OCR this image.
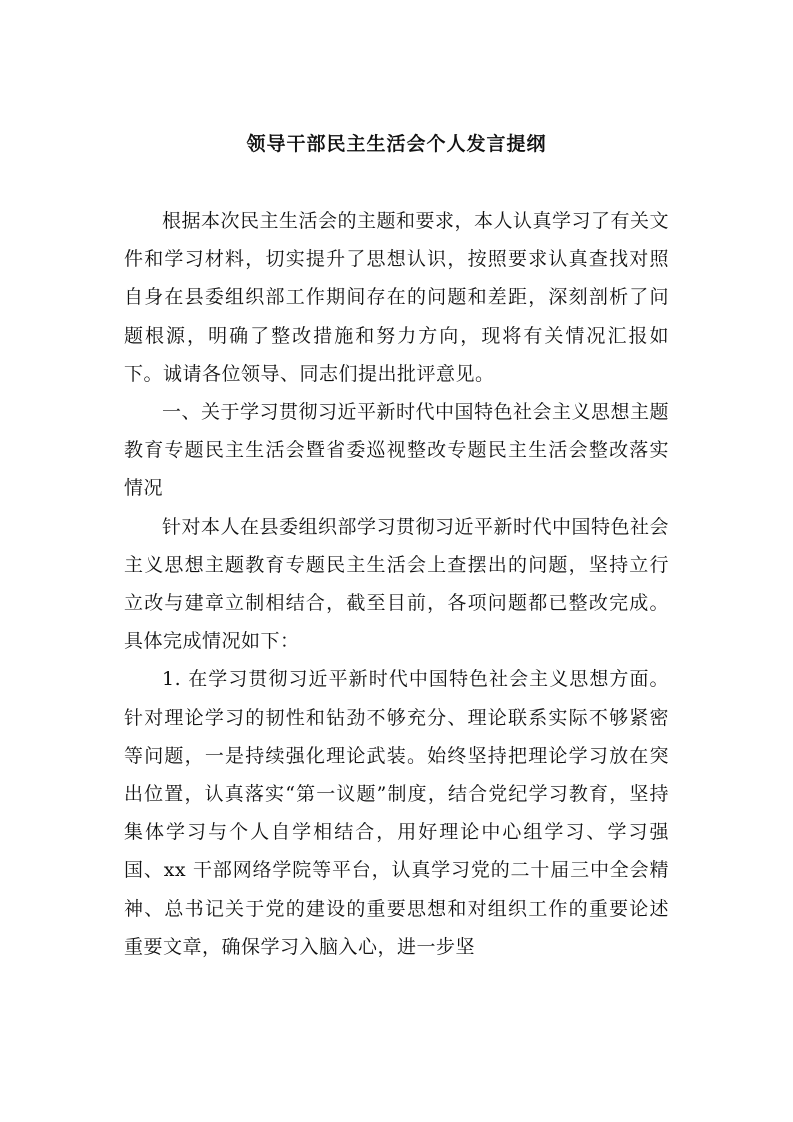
领导干部民主生活会个人发言提纲

根据本次民主生活会的主题和要求，本人认真学习了有关文件和学习材料，切实提升了思想认识，按照要求认真查找对照自身在县委组织部工作期间存在的问题和差距，深刻剖析了问题根源，明确了整改措施和努力方向，现将有关情况汇报如下。诚请各位领导、同志们提出批评意见。

一、关于学习贯彻习近平新时代中国特色社会主义思想主题教育专题民主生活会暨省委巡视整改专题民主生活会整改落实情况

针对本人在县委组织部学习贯彻习近平新时代中国特色社会主义思想主题教育专题民主生活会上查摆出的问题，坚持立行立改与建章立制相结合，截至目前，各项问题都已整改完成。具体完成情况如下：

1. 在学习贯彻习近平新时代中国特色社会主义思想方面。针对理论学习的韧性和钻劲不够充分、理论联系实际不够紧密等问题，一是持续强化理论武装。始终坚持把理论学习放在突出位置，认真落实“第一议题”制度，结合党纪学习教育，坚持集体学习与个人自学相结合，用好理论中心组学习、学习强国、xx 干部网络学院等平台，认真学习党的二十届三中全会精神、总书记关于党的建设的重要思想和对组织工作的重要论述重要文章，确保学习入脑入心，进一步坚
